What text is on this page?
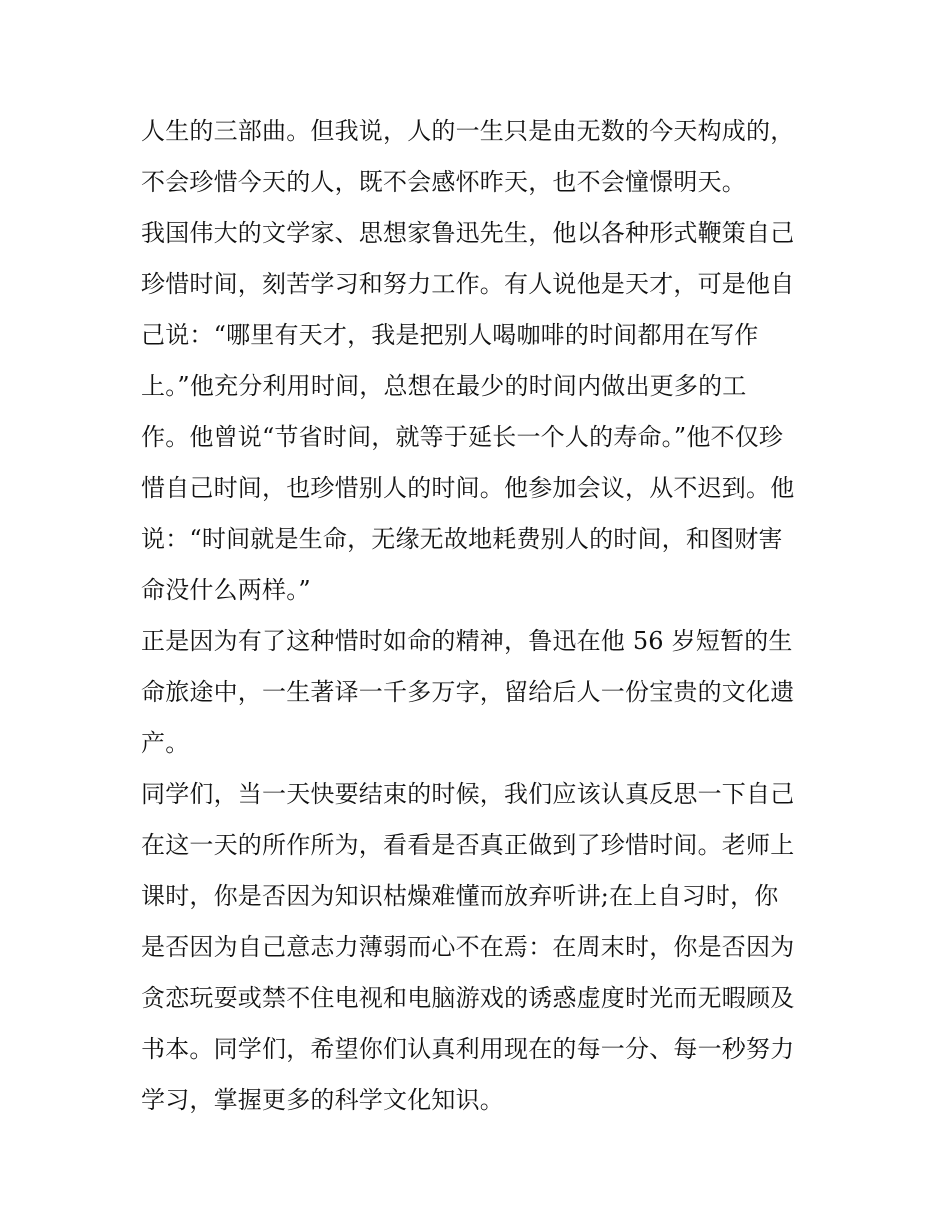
人生的三部曲。但我说，人的一生只是由无数的今天构成的，
不会珍惜今天的人，既不会感怀昨天，也不会憧憬明天。
我国伟大的文学家、思想家鲁迅先生，他以各种形式鞭策自己
珍惜时间，刻苦学习和努力工作。有人说他是天才，可是他自
己说：“哪里有天才，我是把别人喝咖啡的时间都用在写作
上。”他充分利用时间，总想在最少的时间内做出更多的工
作。他曾说“节省时间，就等于延长一个人的寿命。”他不仅珍
惜自己时间，也珍惜别人的时间。他参加会议，从不迟到。他
说：“时间就是生命，无缘无故地耗费别人的时间，和图财害
命没什么两样。”
正是因为有了这种惜时如命的精神，鲁迅在他 56 岁短暂的生
命旅途中，一生著译一千多万字，留给后人一份宝贵的文化遗
产。
同学们，当一天快要结束的时候，我们应该认真反思一下自己
在这一天的所作所为，看看是否真正做到了珍惜时间。老师上
课时，你是否因为知识枯燥难懂而放弃听讲;在上自习时，你
是否因为自己意志力薄弱而心不在焉：在周末时，你是否因为
贪恋玩耍或禁不住电视和电脑游戏的诱惑虚度时光而无暇顾及
书本。同学们，希望你们认真利用现在的每一分、每一秒努力
学习，掌握更多的科学文化知识。
